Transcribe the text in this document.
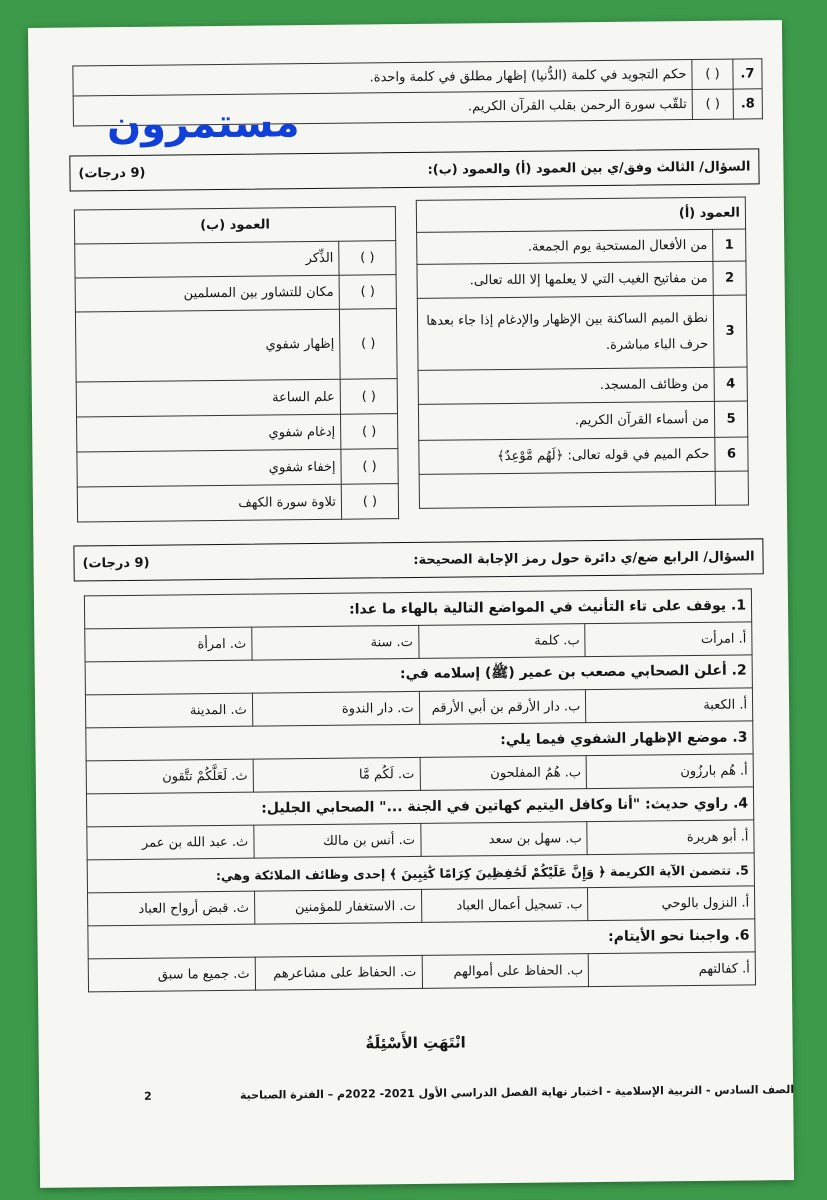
7.	( )	حكم التجويد في كلمة (الدُّنيا) إظهار مطلق في كلمة واحدة.
8.	( )	تلقّب سورة الرحمن بقلب القرآن الكريم.
مستمرون
السؤال/ الثالث وفق/ي بين العمود (أ) والعمود (ب):
(9 درجات)
العمود (أ)	
1	من الأفعال المستحبة يوم الجمعة.
2	من مفاتيح الغيب التي لا يعلمها إلا الله تعالى.
3	نطق الميم الساكنة بين الإظهار والإدغام إذا جاء بعدها حرف الباء مباشرة.
4	من وظائف المسجد.
5	من أسماء القرآن الكريم.
6	حكم الميم في قوله تعالى: ﴿لَهُم مَّوْعِدٌ﴾

العمود (ب)	
( )	الذِّكر
( )	مكان للتشاور بين المسلمين
( )	إظهار شفوي
( )	علم الساعة
( )	إدغام شفوي
( )	إخفاء شفوي
( )	تلاوة سورة الكهف
السؤال/ الرابع ضع/ي دائرة حول رمز الإجابة الصحيحة:
(9 درجات)
1. يوقف على تاء التأنيث في المواضع التالية بالهاء ما عدا:			
أ. امرأت	ب. كلمة	ت. سنة	ث. امرأة
2. أعلن الصحابي مصعب بن عمير (ﷺ) إسلامه في:			
أ. الكعبة	ب. دار الأرقم بن أبي الأرقم	ت. دار الندوة	ث. المدينة
3. موضع الإظهار الشفوي فيما يلي:			
أ. هُم بارزُون	ب. هُمُ المفلحون	ت. لَكُم مَّا	ث. لَعَلَّكُمْ تتَّقون
4. راوي حديث: "أنا وكافل اليتيم كهاتين في الجنة ..." الصحابي الجليل:			
أ. أبو هريرة	ب. سهل بن سعد	ت. أنس بن مالك	ث. عبد الله بن عمر
5. تتضمن الآية الكريمة ﴿ وَإِنَّ عَلَيْكُمْ لَحَٰفِظِينَ كِرَامًا كَٰتِبِينَ ﴾ إحدى وظائف الملائكة وهي:			
أ. النزول بالوحي	ب. تسجيل أعمال العباد	ت. الاستغفار للمؤمنين	ث. قبض أرواح العباد
6. واجبنا نحو الأيتام:			
أ. كفالتهم	ب. الحفاظ على أموالهم	ت. الحفاظ على مشاعرهم	ث. جميع ما سبق
انْتَهَتِ الأَسْئِلَةُ
الصف السادس - التربية الإسلامية - اختبار نهاية الفصل الدراسي الأول 2021- 2022م – الفترة الصباحية
2
